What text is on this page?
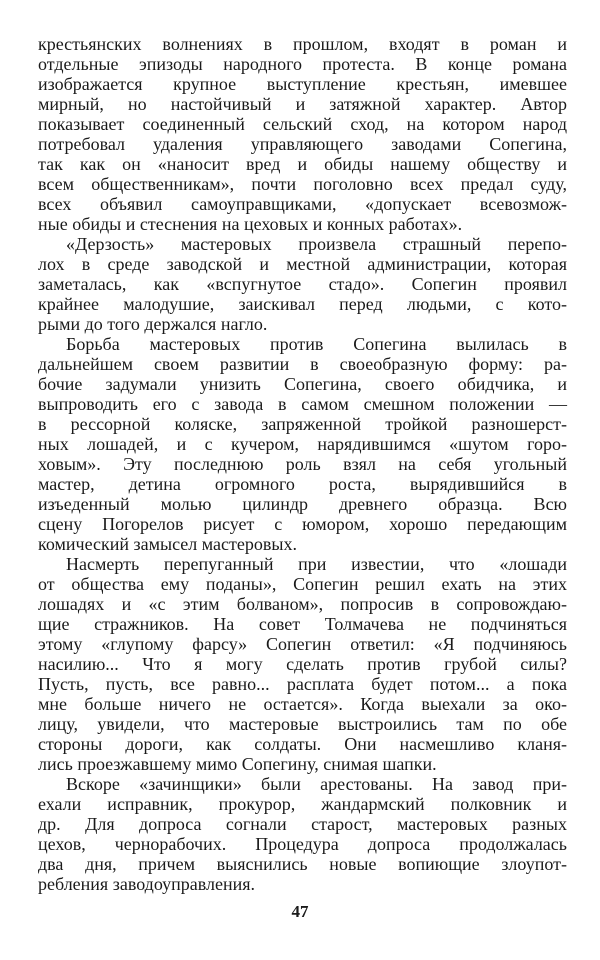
крестьянских волнениях в прошлом, входят в роман и
отдельные эпизоды народного протеста. В конце романа
изображается крупное выступление крестьян, имевшее
мирный, но настойчивый и затяжной характер. Автор
показывает соединенный сельский сход, на котором народ
потребовал удаления управляющего заводами Сопегина,
так как он «наносит вред и обиды нашему обществу и
всем общественникам», почти поголовно всех предал суду,
всех объявил самоуправщиками, «допускает всевозмож-
ные обиды и стеснения на цеховых и конных работах».
«Дерзость» мастеровых произвела страшный перепо-
лох в среде заводской и местной администрации, которая
заметалась, как «вспугнутое стадо». Сопегин проявил
крайнее малодушие, заискивал перед людьми, с кото-
рыми до того держался нагло.
Борьба мастеровых против Сопегина вылилась в
дальнейшем своем развитии в своеобразную форму: ра-
бочие задумали унизить Сопегина, своего обидчика, и
выпроводить его с завода в самом смешном положении —
в рессорной коляске, запряженной тройкой разношерст-
ных лошадей, и с кучером, нарядившимся «шутом горо-
ховым». Эту последнюю роль взял на себя угольный
мастер, детина огромного роста, вырядившийся в
изъеденный молью цилиндр древнего образца. Всю
сцену Погорелов рисует с юмором, хорошо передающим
комический замысел мастеровых.
Насмерть перепуганный при известии, что «лошади
от общества ему поданы», Сопегин решил ехать на этих
лошадях и «с этим болваном», попросив в сопровождаю-
щие стражников. На совет Толмачева не подчиняться
этому «глупому фарсу» Сопегин ответил: «Я подчиняюсь
насилию... Что я могу сделать против грубой силы?
Пусть, пусть, все равно... расплата будет потом... а пока
мне больше ничего не остается». Когда выехали за око-
лицу, увидели, что мастеровые выстроились там по обе
стороны дороги, как солдаты. Они насмешливо кланя-
лись проезжавшему мимо Сопегину, снимая шапки.
Вскоре «зачинщики» были арестованы. На завод при-
ехали исправник, прокурор, жандармский полковник и
др. Для допроса согнали старост, мастеровых разных
цехов, чернорабочих. Процедура допроса продолжалась
два дня, причем выяснились новые вопиющие злоупот-
ребления заводоуправления.
47
